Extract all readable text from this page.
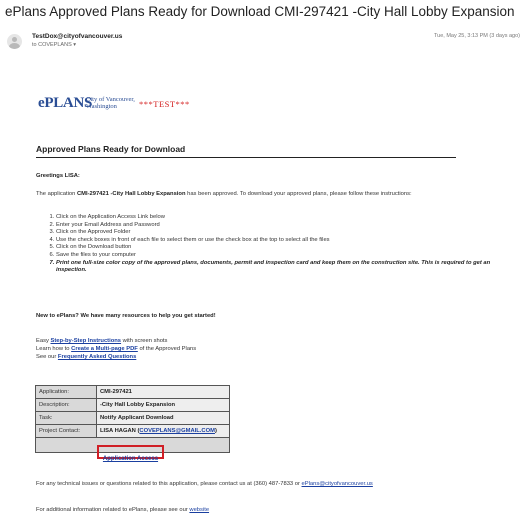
ePlans Approved Plans Ready for Download CMI-297421 -City Hall Lobby Expansion
TestDox@cityofvancouver.us
to COVEPLANS ▾
Tue, May 25, 3:13 PM (3 days ago)
ePLANS
City of Vancouver,
Washington	***TEST***
Approved Plans Ready for Download
Greetings LISA:
The application CMI-297421 -City Hall Lobby Expansion has been approved. To download your approved plans, please follow these instructions:
1. Click on the Application Access Link below
2. Enter your Email Address and Password
3. Click on the Approved Folder
4. Use the check boxes in front of each file to select them or use the check box at the top to select all the files
5. Click on the Download button
6. Save the files to your computer
7. Print one full-size color copy of the approved plans, documents, permit and inspection card and keep them on the construction site. This is required to get an inspection.
New to ePlans? We have many resources to help you get started!
Easy Step-by-Step Instructions with screen shots
Learn how to Create a Multi-page PDF of the Approved Plans
See our Frequently Asked Questions
Application:	CMI-297421
Description:	-City Hall Lobby Expansion
Task:	Notify Applicant Download
Project Contact:	LISA HAGAN (COVEPLANS@GMAIL.COM)

Application Access
For any technical issues or questions related to this application, please contact us at (360) 487-7833 or ePlans@cityofvancouver.us
For additional information related to ePlans, please see our website
